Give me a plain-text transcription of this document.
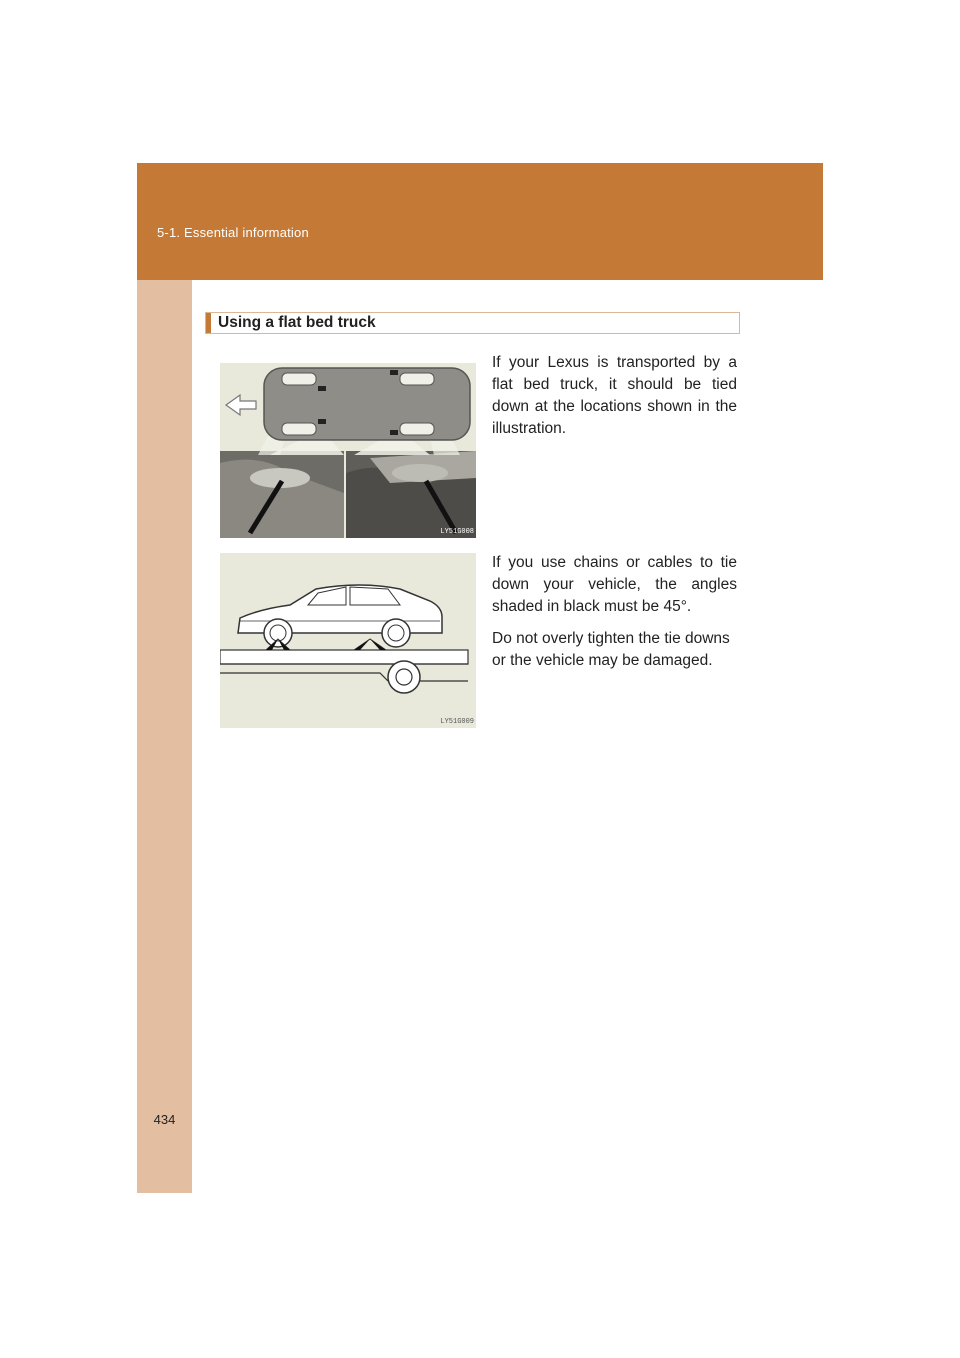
5-1. Essential information
434
Using a flat bed truck
LY51G008
LY51G009

If your Lexus is transported by a flat bed truck, it should be tied down at the locations shown in the illustration.

If you use chains or cables to tie down your vehicle, the angles shaded in black must be 45°.

Do not overly tighten the tie downs or the vehicle may be damaged.
